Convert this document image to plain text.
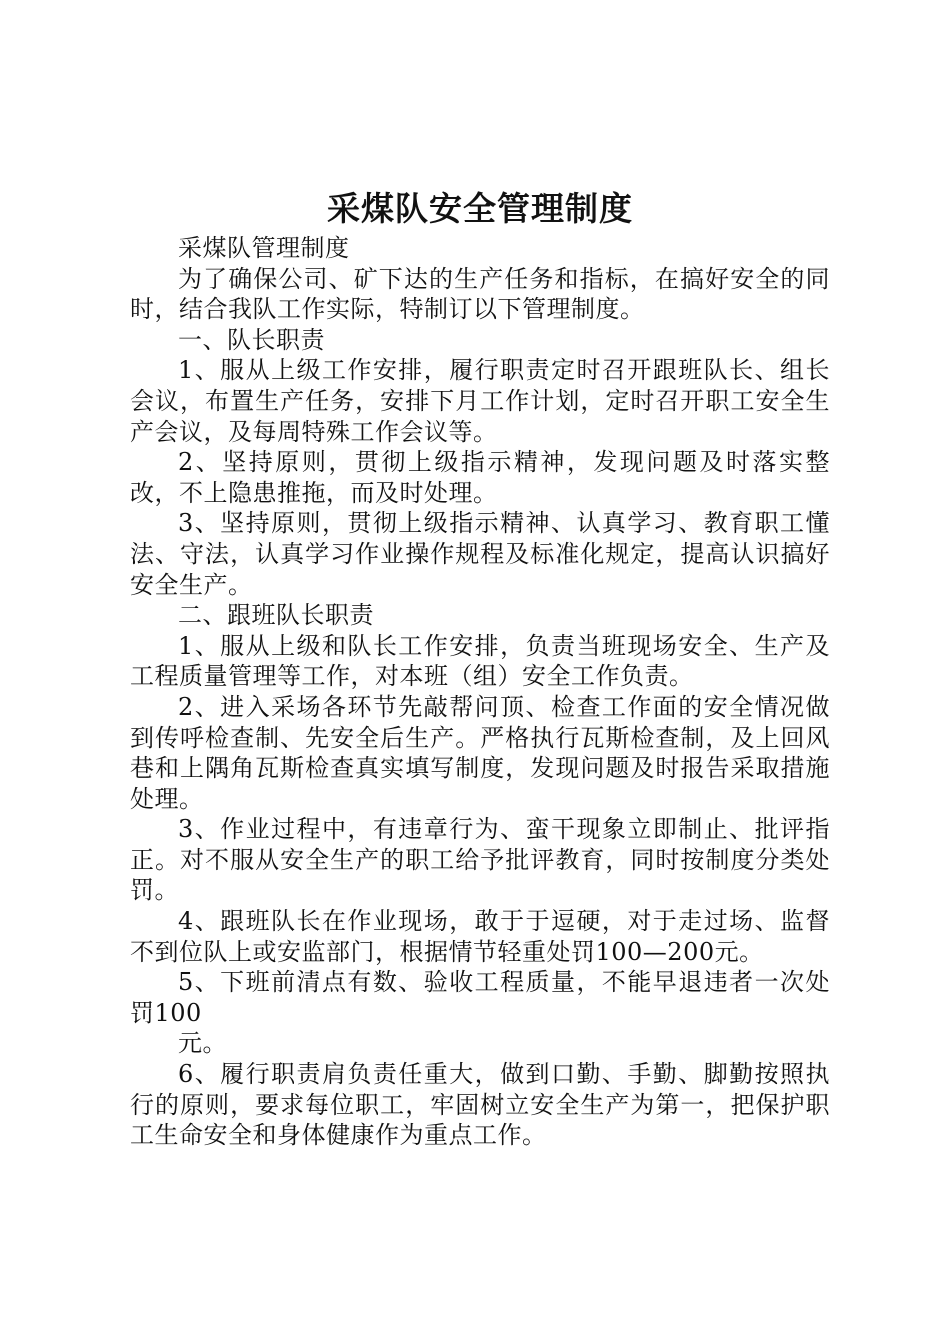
采煤队安全管理制度

采煤队管理制度

为了确保公司、矿下达的生产任务和指标，在搞好安全的同时，结合我队工作实际，特制订以下管理制度。

一、队长职责

1、服从上级工作安排，履行职责定时召开跟班队长、组长会议，布置生产任务，安排下月工作计划，定时召开职工安全生产会议，及每周特殊工作会议等。

2、坚持原则，贯彻上级指示精神，发现问题及时落实整改，不上隐患推拖，而及时处理。

3、坚持原则，贯彻上级指示精神、认真学习、教育职工懂法、守法，认真学习作业操作规程及标准化规定，提高认识搞好安全生产。

二、跟班队长职责

1、服从上级和队长工作安排，负责当班现场安全、生产及工程质量管理等工作，对本班（组）安全工作负责。

2、进入采场各环节先敲帮问顶、检查工作面的安全情况做到传呼检查制、先安全后生产。严格执行瓦斯检查制，及上回风巷和上隅角瓦斯检查真实填写制度，发现问题及时报告采取措施处理。

3、作业过程中，有违章行为、蛮干现象立即制止、批评指正。对不服从安全生产的职工给予批评教育，同时按制度分类处罚。

4、跟班队长在作业现场，敢于于逗硬，对于走过场、监督不到位队上或安监部门，根据情节轻重处罚100—200元。

5、下班前清点有数、验收工程质量，不能早退违者一次处罚100

元。

6、履行职责肩负责任重大，做到口勤、手勤、脚勤按照执行的原则，要求每位职工，牢固树立安全生产为第一，把保护职工生命安全和身体健康作为重点工作。
